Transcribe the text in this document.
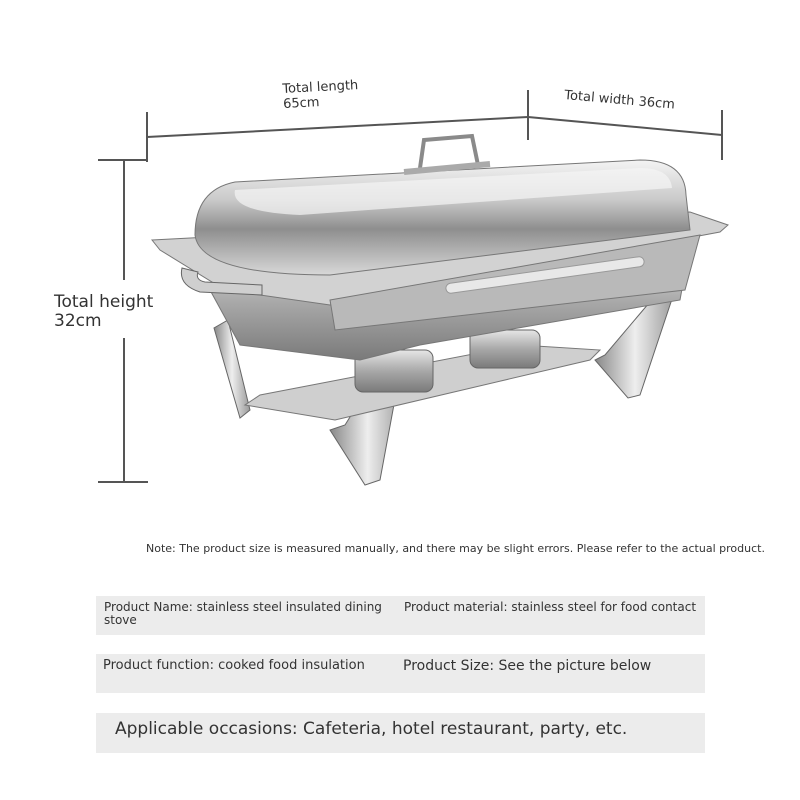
Total length
65cm	Total width 36cm
Total height
32cm
Note: The product size is measured manually, and there may be slight errors. Please refer to the actual product.
Product Name: stainless steel insulated dining stove
Product material: stainless steel for food contact
Product function: cooked food insulation	Product Size: See the picture below
Applicable occasions: Cafeteria, hotel restaurant, party, etc.
